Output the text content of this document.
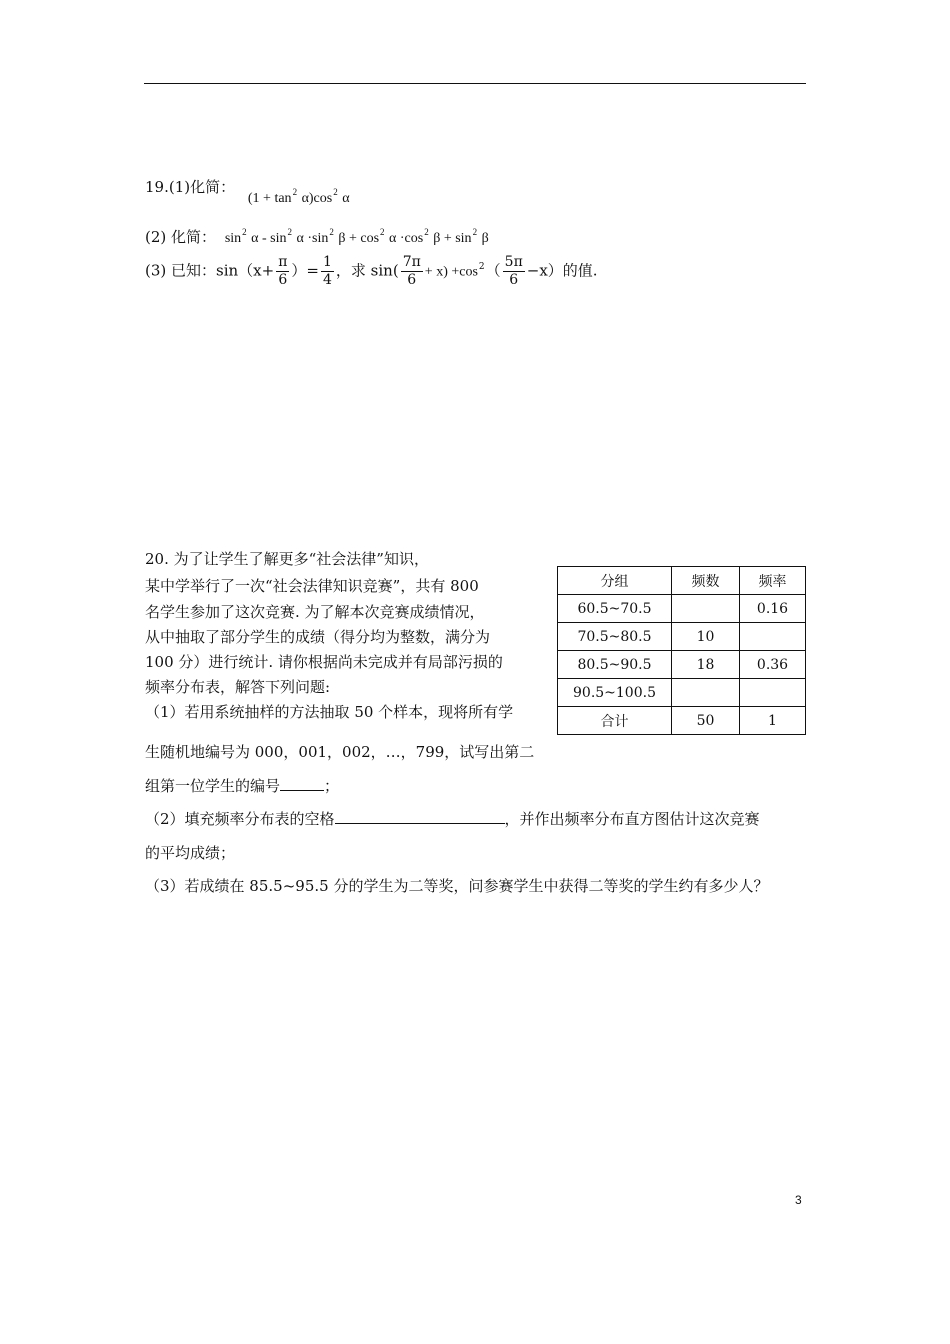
19.(1)化简： $(1 + \tan^2 \alpha)\cos^2$ α
(2) 化简： $\sin^2 \alpha - \sin^2 \alpha \cdot\sin^2$ $\beta + \cos^2 \alpha \cdot\cos^2$ $\beta + \sin^2 \beta$
(3) 已知：$\sin(x+ \frac{\pi}{6}$ ）= $\frac{1}{4}$ ，求 $\sin( \frac{7\pi}{6} + x) +\cos^2( \frac{5\pi}{6} -x)$的值.
20. 为了让学生了解更多“社会法律”知识，
某中学举行了一次“社会法律知识竞赛”，共有 800
名学生参加了这次竞赛. 为了解本次竞赛成绩情况，
从中抽取了部分学生的成绩（得分均为整数，满分为
100 分）进行统计. 请你根据尚未完成并有局部污损的
频率分布表，解答下列问题:
（1）若用系统抽样的方法抽取 50 个样本，现将所有学
生随机地编号为 000，001，002，…，799，试写出第二
组第一位学生的编号	；
（2）填充频率分布表的空格	，并作出频率分布直方图估计这次竞赛
的平均成绩；
（3）若成绩在 85.5~95.5 分的学生为二等奖，问参赛学生中获得二等奖的学生约有多少人？
分组	频数	频率
60.5~70.5		0.16
70.5~80.5	10	
80.5~90.5	18	0.36
90.5~100.5		
合计	50	1
3
